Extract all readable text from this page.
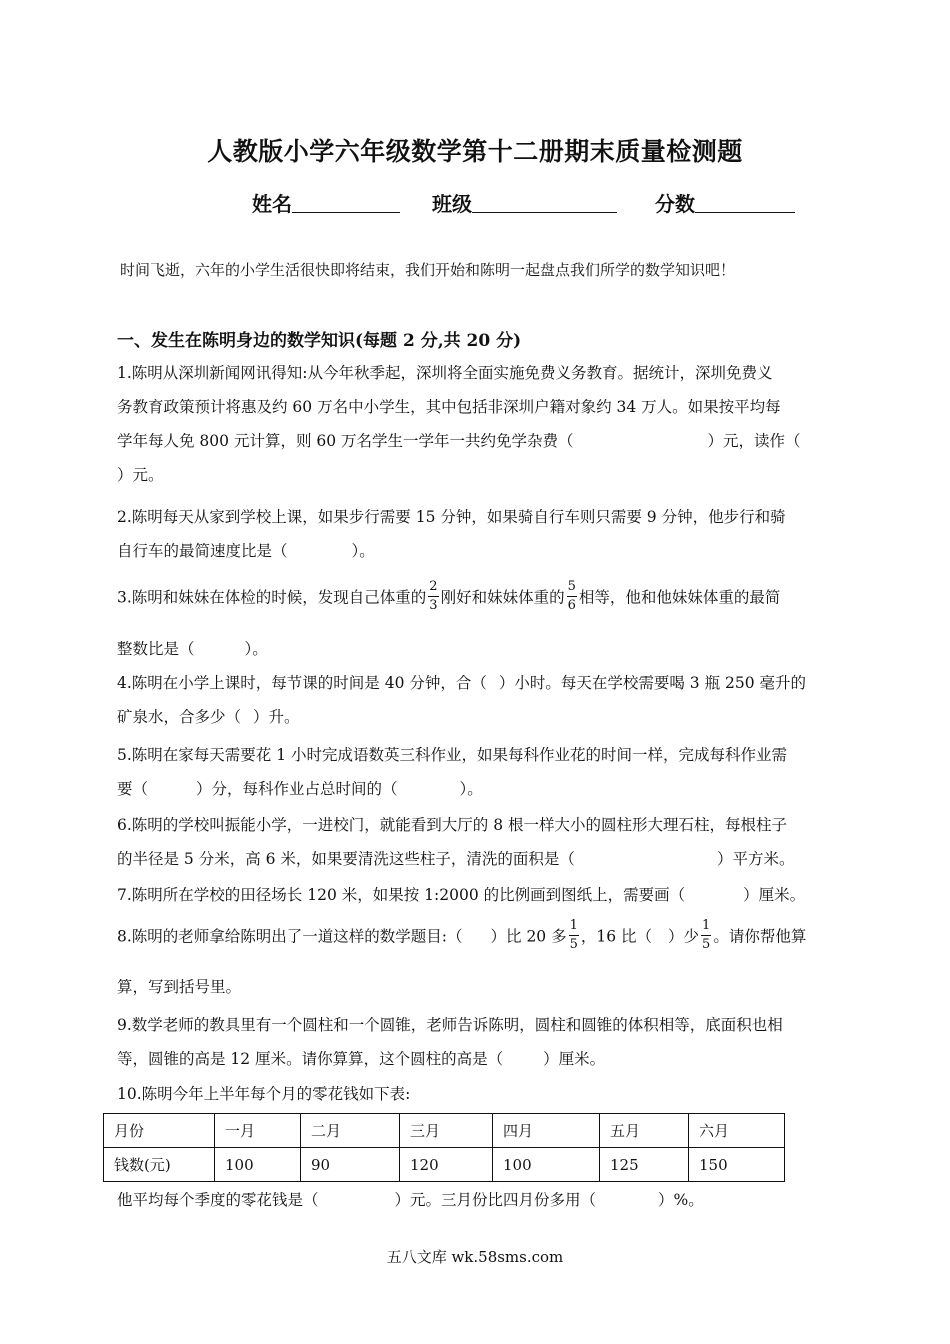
人教版小学六年级数学第十二册期末质量检测题
姓名	班级	分数
时间飞逝，六年的小学生活很快即将结束，我们开始和陈明一起盘点我们所学的数学知识吧！
一、发生在陈明身边的数学知识(每题 2 分,共 20 分)
1.陈明从深圳新闻网讯得知:从今年秋季起，深圳将全面实施免费义务教育。据统计，深圳免费义
务教育政策预计将惠及约 60 万名中小学生，其中包括非深圳户籍对象约 34 万人。如果按平均每
学年每人免 800 元计算，则 60 万名学生一学年一共约免学杂费（	）元，读作（
）元。
2.陈明每天从家到学校上课，如果步行需要 15 分钟，如果骑自行车则只需要 9 分钟，他步行和骑
自行车的最简速度比是（	）。
3.陈明和妹妹在体检的时候，发现自己体重的 $\frac{2}{3}$ 刚好和妹妹体重的 $\frac{5}{6}$ 相等，他和他妹妹体重的最简
整数比是（	）。
4.陈明在小学上课时，每节课的时间是 40 分钟，合（ ）小时。每天在学校需要喝 3 瓶 250 毫升的
矿泉水，合多少（ ）升。
5.陈明在家每天需要花 1 小时完成语数英三科作业，如果每科作业花的时间一样，完成每科作业需
要（	）分，每科作业占总时间的（	）。
6.陈明的学校叫振能小学，一进校门，就能看到大厅的 8 根一样大小的圆柱形大理石柱，每根柱子
的半径是 5 分米，高 6 米，如果要清洗这些柱子，清洗的面积是（	）平方米。
7.陈明所在学校的田径场长 120 米，如果按 1:2000 的比例画到图纸上，需要画（	）厘米。
8.陈明的老师拿给陈明出了一道这样的数学题目:（ ）比 20 多 $\frac{1}{5}$ ，16 比（ ）少 $\frac{1}{5}$ 。请你帮他算
算，写到括号里。
9.数学老师的教具里有一个圆柱和一个圆锥，老师告诉陈明，圆柱和圆锥的体积相等，底面积也相
等，圆锥的高是 12 厘米。请你算算，这个圆柱的高是（	）厘米。
10.陈明今年上半年每个月的零花钱如下表:
月份	一月	二月	三月	四月	五月	六月
钱数(元)	100	90	120	100	125	150
他平均每个季度的零花钱是（	）元。三月份比四月份多用（	）%。
五八文库 wk.58sms.com
